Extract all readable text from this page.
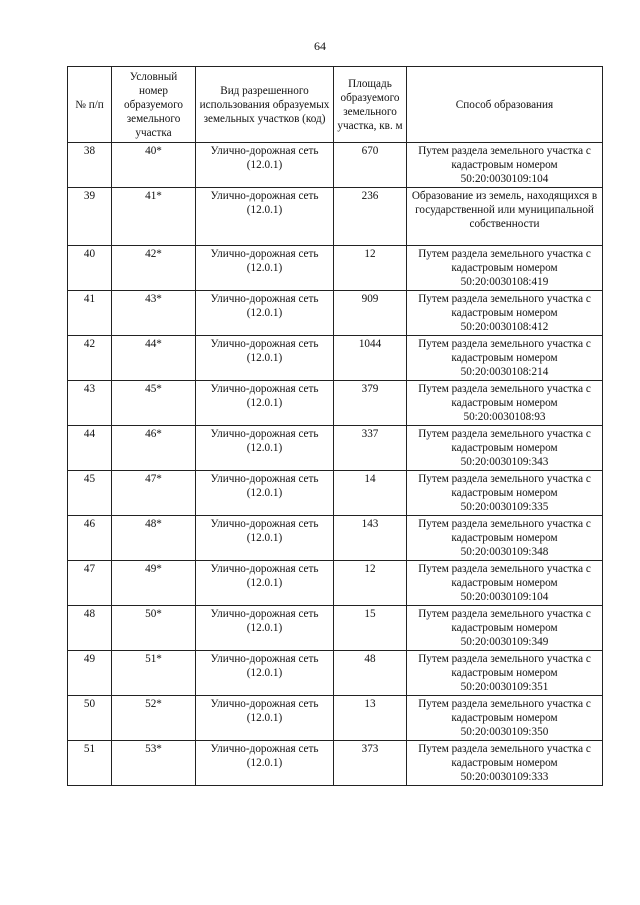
64
№ п/п	Условный номер образуемого земельного участка	Вид разрешенного использования образуемых земельных участков (код)	Площадь образуемого земельного участка, кв. м	Способ образования
38	40*	Улично-дорожная сеть (12.0.1)	670	Путем раздела земельного участка с кадастровым номером 50:20:0030109:104
39	41*	Улично-дорожная сеть (12.0.1)	236	Образование из земель, находящихся в государственной или муниципальной собственности
40	42*	Улично-дорожная сеть (12.0.1)	12	Путем раздела земельного участка с кадастровым номером 50:20:0030108:419
41	43*	Улично-дорожная сеть (12.0.1)	909	Путем раздела земельного участка с кадастровым номером 50:20:0030108:412
42	44*	Улично-дорожная сеть (12.0.1)	1044	Путем раздела земельного участка с кадастровым номером 50:20:0030108:214
43	45*	Улично-дорожная сеть (12.0.1)	379	Путем раздела земельного участка с кадастровым номером 50:20:0030108:93
44	46*	Улично-дорожная сеть (12.0.1)	337	Путем раздела земельного участка с кадастровым номером 50:20:0030109:343
45	47*	Улично-дорожная сеть (12.0.1)	14	Путем раздела земельного участка с кадастровым номером 50:20:0030109:335
46	48*	Улично-дорожная сеть (12.0.1)	143	Путем раздела земельного участка с кадастровым номером 50:20:0030109:348
47	49*	Улично-дорожная сеть (12.0.1)	12	Путем раздела земельного участка с кадастровым номером 50:20:0030109:104
48	50*	Улично-дорожная сеть (12.0.1)	15	Путем раздела земельного участка с кадастровым номером 50:20:0030109:349
49	51*	Улично-дорожная сеть (12.0.1)	48	Путем раздела земельного участка с кадастровым номером 50:20:0030109:351
50	52*	Улично-дорожная сеть (12.0.1)	13	Путем раздела земельного участка с кадастровым номером 50:20:0030109:350
51	53*	Улично-дорожная сеть (12.0.1)	373	Путем раздела земельного участка с кадастровым номером 50:20:0030109:333
